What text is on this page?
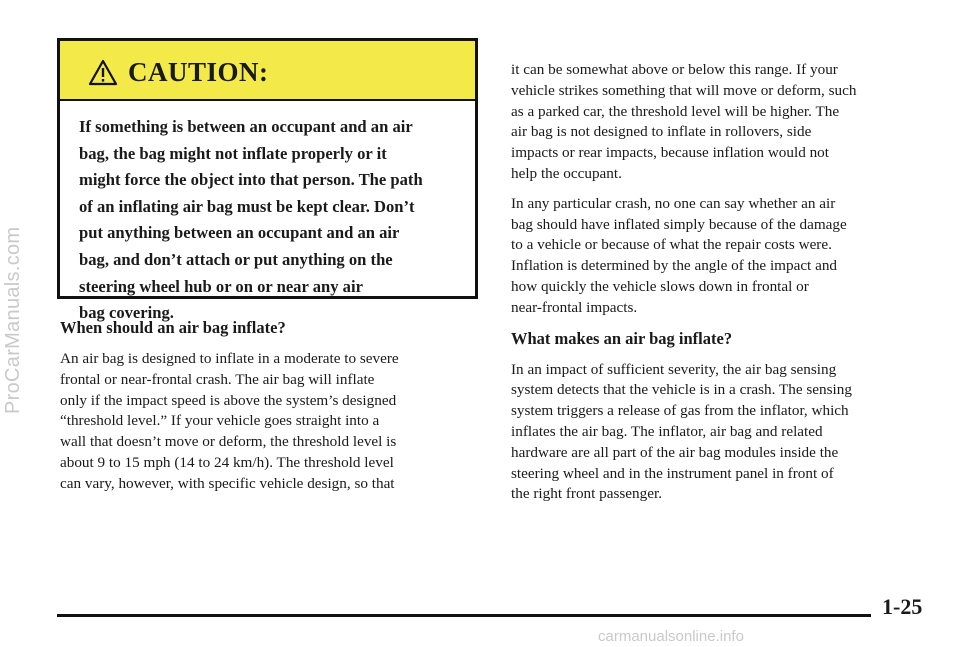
ProCarManuals.com
CAUTION:
If something is between an occupant and an air
bag, the bag might not inflate properly or it
might force the object into that person. The path
of an inflating air bag must be kept clear. Don’t
put anything between an occupant and an air
bag, and don’t attach or put anything on the
steering wheel hub or on or near any air
bag covering.
When should an air bag inflate?

An air bag is designed to inflate in a moderate to severe
frontal or near-frontal crash. The air bag will inflate
only if the impact speed is above the system’s designed
“threshold level.” If your vehicle goes straight into a
wall that doesn’t move or deform, the threshold level is
about 9 to 15 mph (14 to 24 km/h). The threshold level
can vary, however, with specific vehicle design, so that

it can be somewhat above or below this range. If your
vehicle strikes something that will move or deform, such
as a parked car, the threshold level will be higher. The
air bag is not designed to inflate in rollovers, side
impacts or rear impacts, because inflation would not
help the occupant.

In any particular crash, no one can say whether an air
bag should have inflated simply because of the damage
to a vehicle or because of what the repair costs were.
Inflation is determined by the angle of the impact and
how quickly the vehicle slows down in frontal or
near-frontal impacts.

What makes an air bag inflate?

In an impact of sufficient severity, the air bag sensing
system detects that the vehicle is in a crash. The sensing
system triggers a release of gas from the inflator, which
inflates the air bag. The inflator, air bag and related
hardware are all part of the air bag modules inside the
steering wheel and in the instrument panel in front of
the right front passenger.

1-25
carmanualsonline.info
